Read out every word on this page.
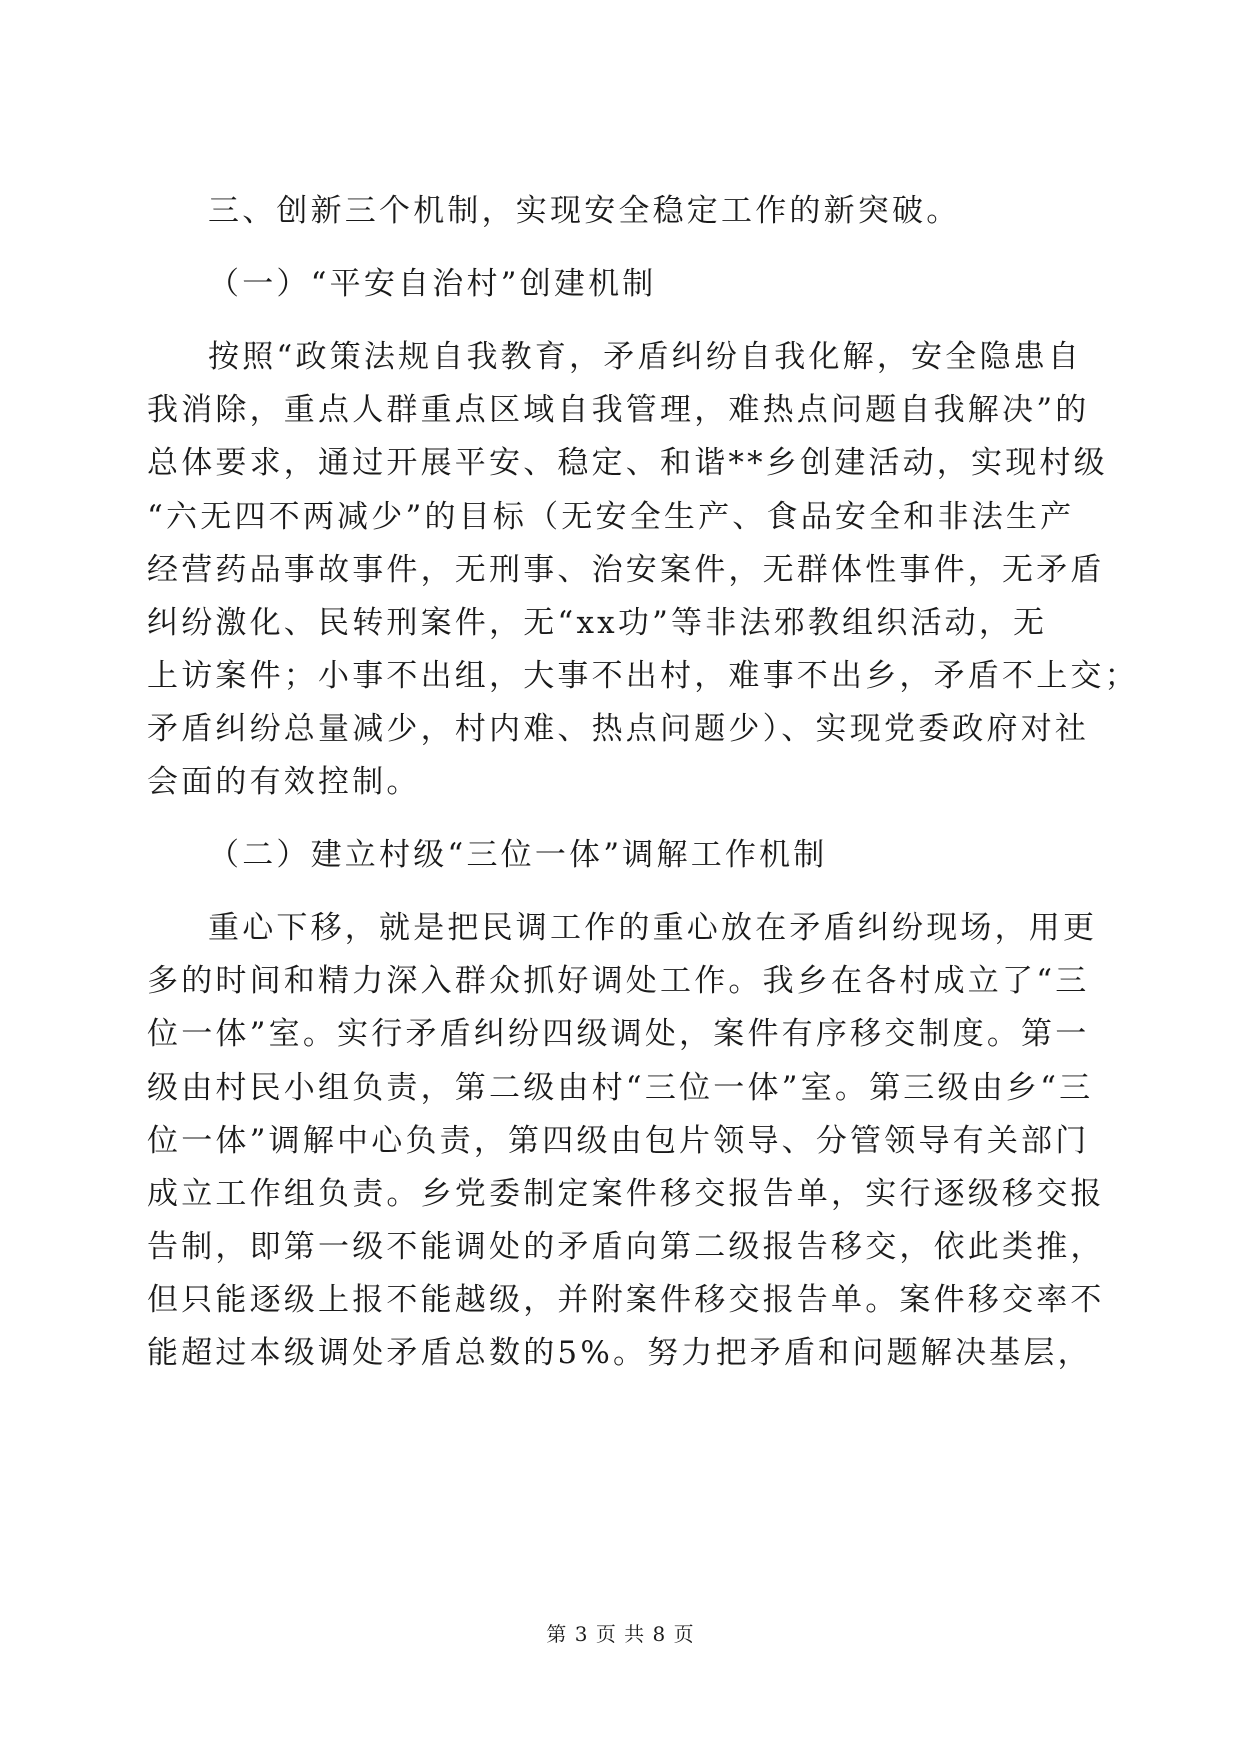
三、创新三个机制，实现安全稳定工作的新突破。
（一）“平安自治村”创建机制
按照“政策法规自我教育，矛盾纠纷自我化解，安全隐患自
我消除，重点人群重点区域自我管理，难热点问题自我解决”的
总体要求，通过开展平安、稳定、和谐**乡创建活动，实现村级
“六无四不两减少”的目标（无安全生产、食品安全和非法生产
经营药品事故事件，无刑事、治安案件，无群体性事件，无矛盾
纠纷激化、民转刑案件，无“xx功”等非法邪教组织活动，无
上访案件；小事不出组，大事不出村，难事不出乡，矛盾不上交；
矛盾纠纷总量减少，村内难、热点问题少）、实现党委政府对社
会面的有效控制。
（二）建立村级“三位一体”调解工作机制
重心下移，就是把民调工作的重心放在矛盾纠纷现场，用更
多的时间和精力深入群众抓好调处工作。我乡在各村成立了“三
位一体”室。实行矛盾纠纷四级调处，案件有序移交制度。第一
级由村民小组负责，第二级由村“三位一体”室。第三级由乡“三
位一体”调解中心负责，第四级由包片领导、分管领导有关部门
成立工作组负责。乡党委制定案件移交报告单，实行逐级移交报
告制，即第一级不能调处的矛盾向第二级报告移交，依此类推，
但只能逐级上报不能越级，并附案件移交报告单。案件移交率不
能超过本级调处矛盾总数的5%。努力把矛盾和问题解决基层，
第 3 页 共 8 页
